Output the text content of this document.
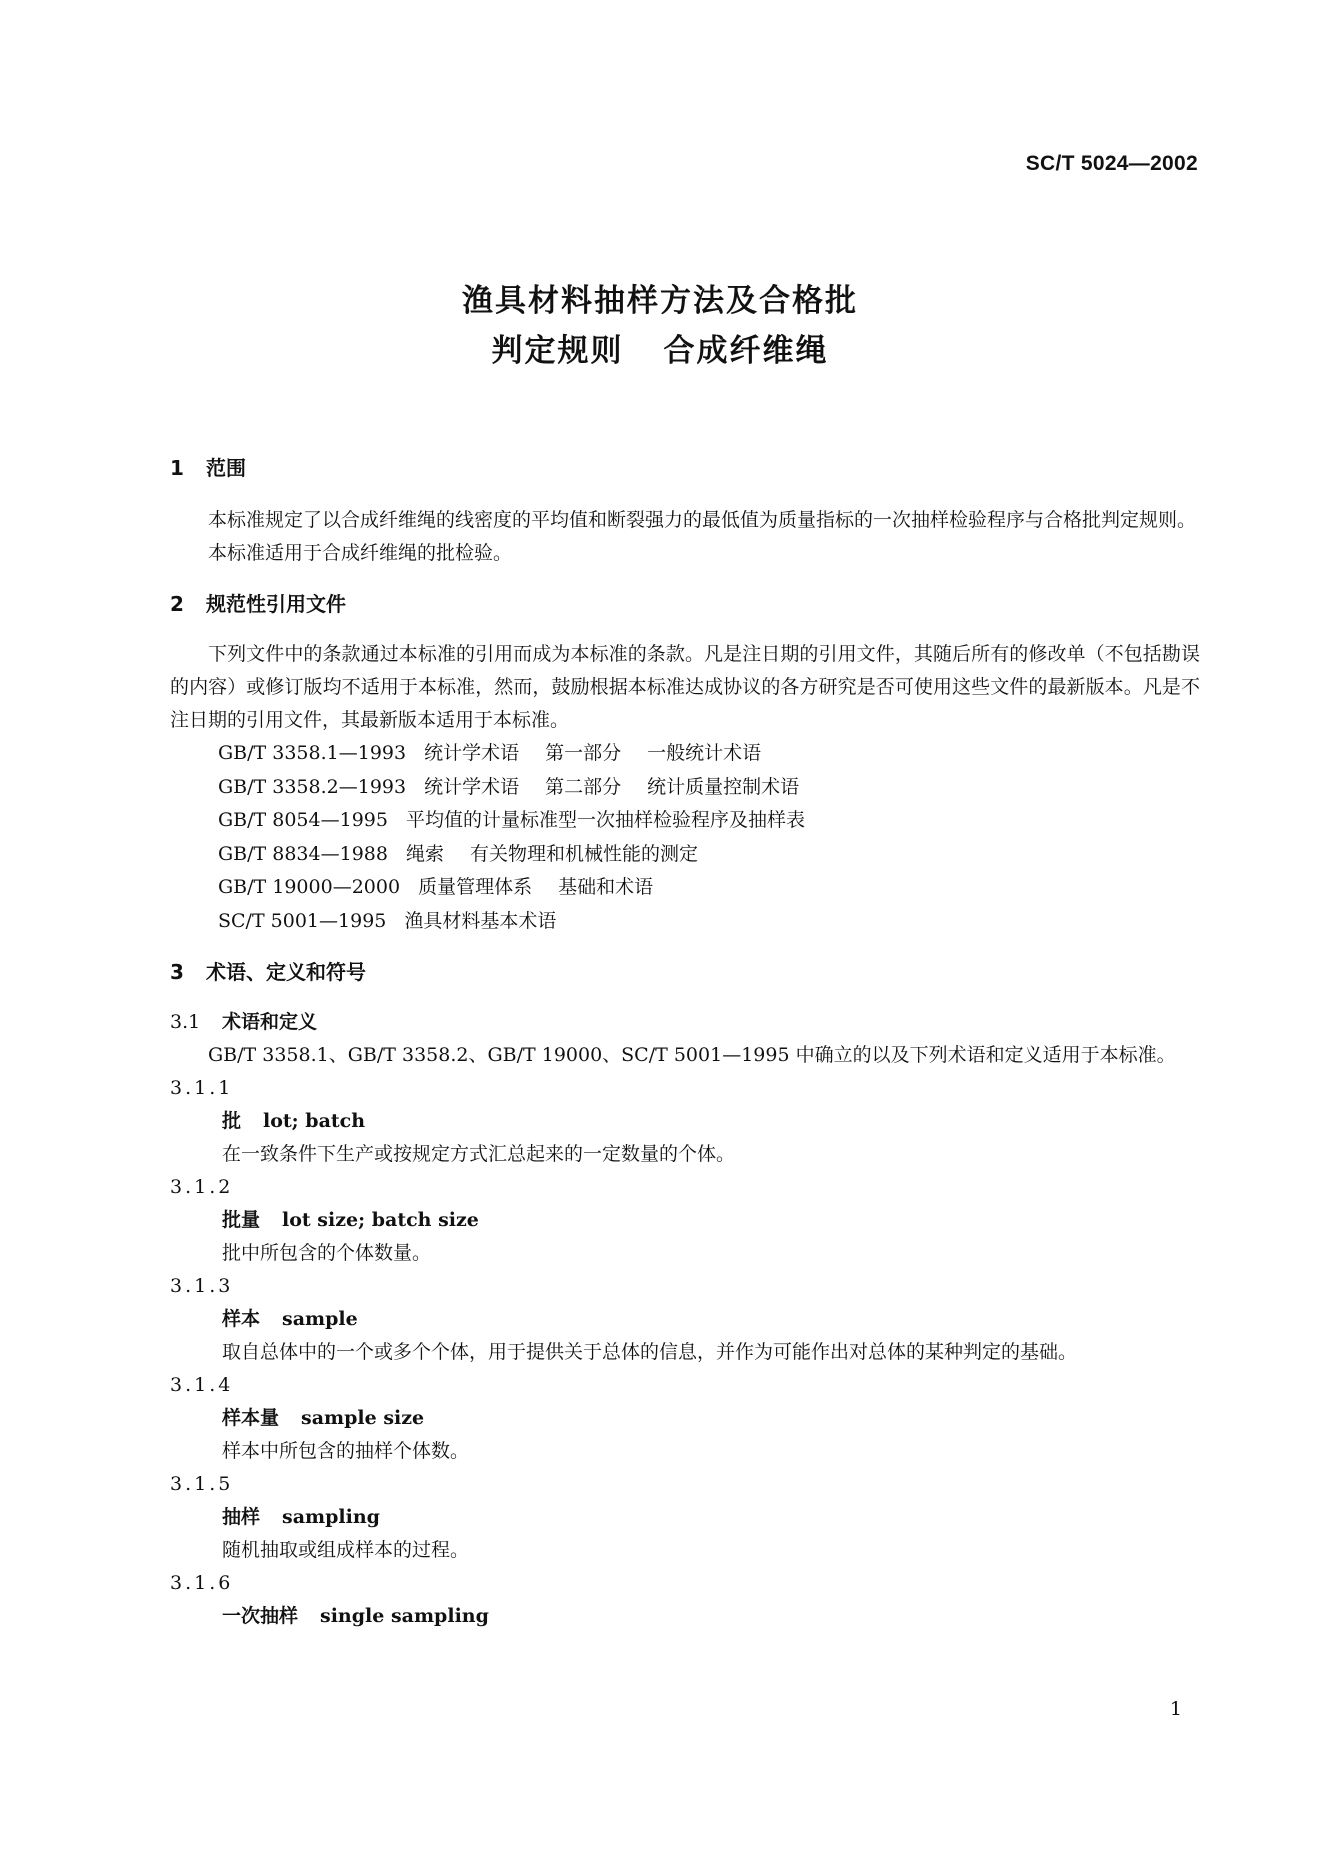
SC/T 5024—2002
渔具材料抽样方法及合格批
判定规则 合成纤维绳
1 范围
本标准规定了以合成纤维绳的线密度的平均值和断裂强力的最低值为质量指标的一次抽样检验程序与合格批判定规则。
本标准适用于合成纤维绳的批检验。
2 规范性引用文件
下列文件中的条款通过本标准的引用而成为本标准的条款。凡是注日期的引用文件，其随后所有的修改单（不包括勘误的内容）或修订版均不适用于本标准，然而，鼓励根据本标准达成协议的各方研究是否可使用这些文件的最新版本。凡是不注日期的引用文件，其最新版本适用于本标准。
GB/T 3358.1—1993 统计学术语 第一部分 一般统计术语
GB/T 3358.2—1993 统计学术语 第二部分 统计质量控制术语
GB/T 8054—1995 平均值的计量标准型一次抽样检验程序及抽样表
GB/T 8834—1988 绳索 有关物理和机械性能的测定
GB/T 19000—2000 质量管理体系 基础和术语
SC/T 5001—1995 渔具材料基本术语
3 术语、定义和符号
3.1 术语和定义
GB/T 3358.1、GB/T 3358.2、GB/T 19000、SC/T 5001—1995 中确立的以及下列术语和定义适用于本标准。
3.1.1
批 lot; batch
在一致条件下生产或按规定方式汇总起来的一定数量的个体。
3.1.2
批量 lot size; batch size
批中所包含的个体数量。
3.1.3
样本 sample
取自总体中的一个或多个个体，用于提供关于总体的信息，并作为可能作出对总体的某种判定的基础。
3.1.4
样本量 sample size
样本中所包含的抽样个体数。
3.1.5
抽样 sampling
随机抽取或组成样本的过程。
3.1.6
一次抽样 single sampling
1
